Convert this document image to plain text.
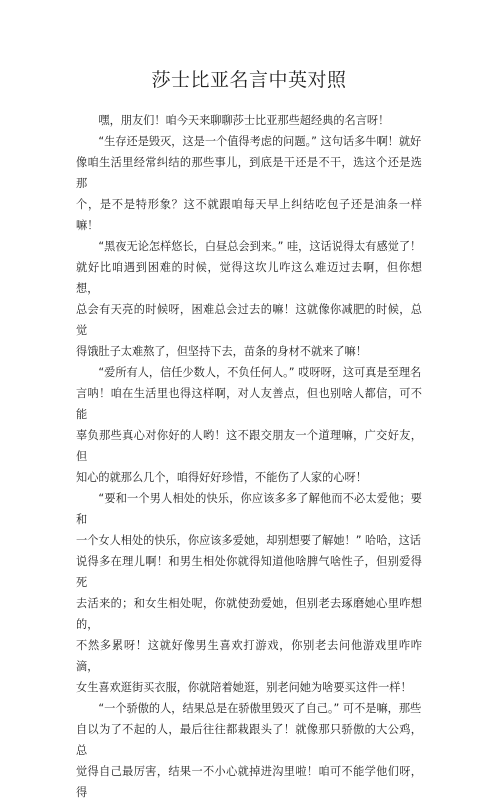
莎士比亚名言中英对照

嘿，朋友们！咱今天来聊聊莎士比亚那些超经典的名言呀！

“生存还是毁灭，这是一个值得考虑的问题。” 这句话多牛啊！就好
像咱生活里经常纠结的那些事儿，到底是干还是不干，选这个还是选那
个，是不是特形象？这不就跟咱每天早上纠结吃包子还是油条一样嘛！

“黑夜无论怎样悠长，白昼总会到来。” 哇，这话说得太有感觉了！
就好比咱遇到困难的时候，觉得这坎儿咋这么难迈过去啊，但你想想，
总会有天亮的时候呀，困难总会过去的嘛！这就像你减肥的时候，总觉
得饿肚子太难熬了，但坚持下去，苗条的身材不就来了嘛！

“爱所有人，信任少数人，不负任何人。” 哎呀呀，这可真是至理名
言呐！咱在生活里也得这样啊，对人友善点，但也别啥人都信，可不能
辜负那些真心对你好的人哟！这不跟交朋友一个道理嘛，广交好友，但
知心的就那么几个，咱得好好珍惜，不能伤了人家的心呀！

“要和一个男人相处的快乐，你应该多多了解他而不必太爱他；要和
一个女人相处的快乐，你应该多爱她，却别想要了解她！” 哈哈，这话
说得多在理儿啊！和男生相处你就得知道他啥脾气啥性子，但别爱得死
去活来的；和女生相处呢，你就使劲爱她，但别老去琢磨她心里咋想的，
不然多累呀！这就好像男生喜欢打游戏，你别老去问他游戏里咋咋滴，
女生喜欢逛街买衣服，你就陪着她逛，别老问她为啥要买这件一样！

“一个骄傲的人，结果总是在骄傲里毁灭了自己。” 可不是嘛，那些
自以为了不起的人，最后往往都栽跟头了！就像那只骄傲的大公鸡，总
觉得自己最厉害，结果一不小心就掉进沟里啦！咱可不能学他们呀，得
